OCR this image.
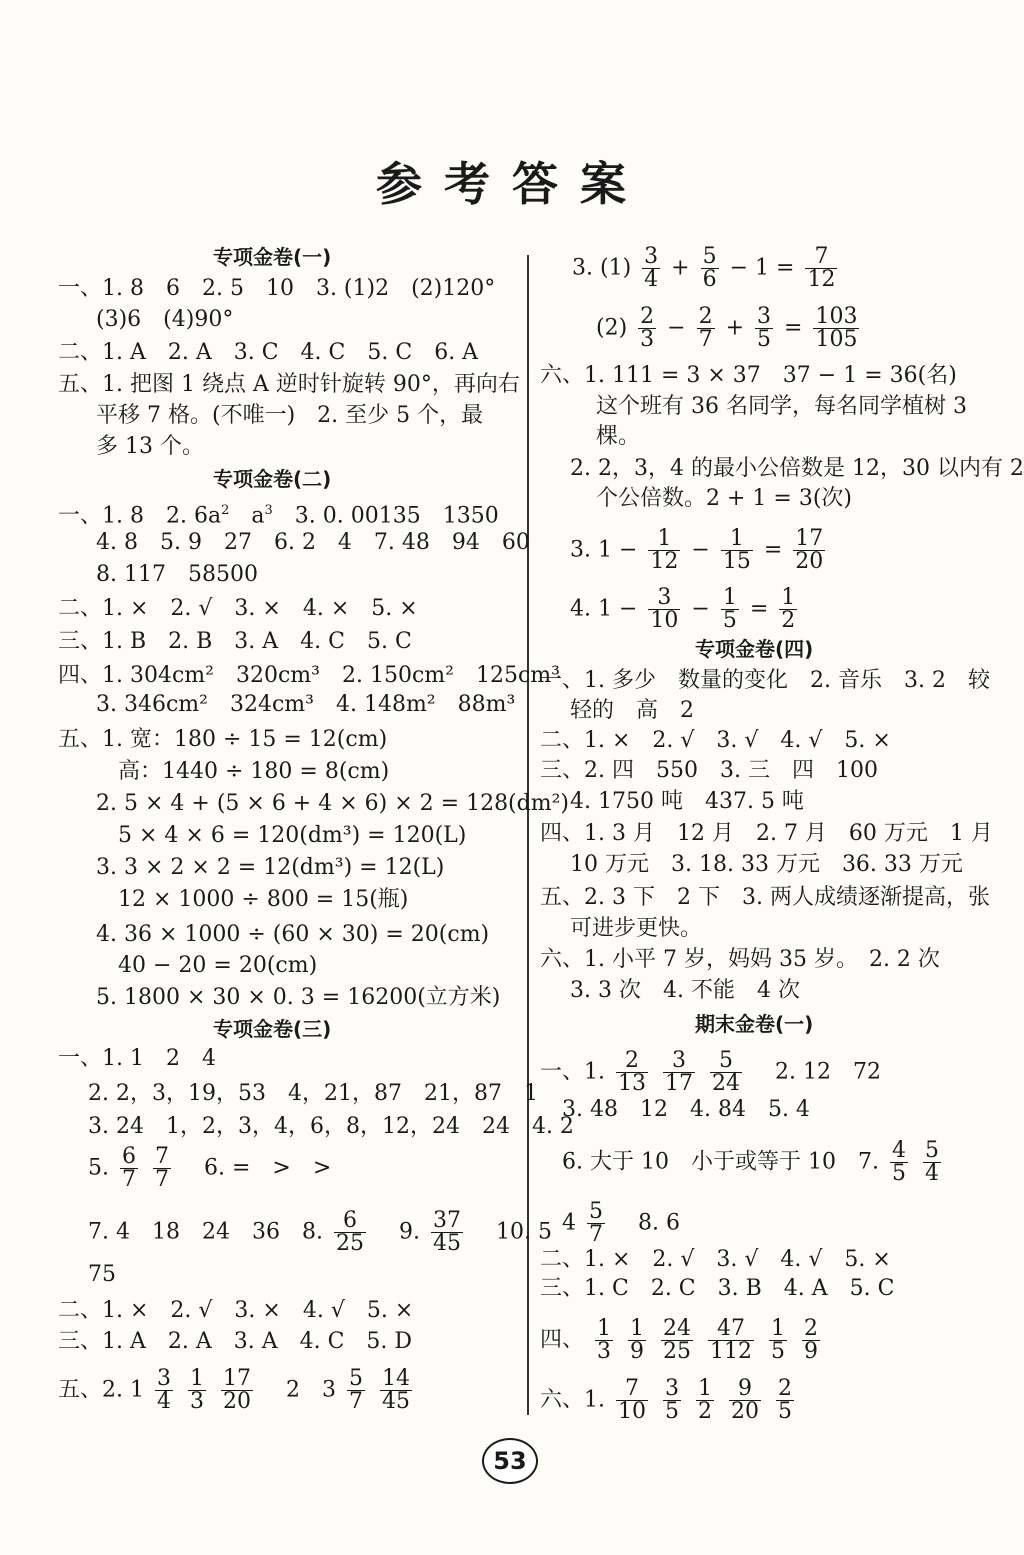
参考答案
专项金卷(一)
一、1. 8　6　2. 5　10　3. (1)2　(2)120°
(3)6　(4)90°
二、1. A　2. A　3. C　4. C　5. C　6. A
五、1. 把图 1 绕点 A 逆时针旋转 90°，再向右
平移 7 格。(不唯一)　2. 至少 5 个，最
多 13 个。
专项金卷(二)
一、1. 8　2. $6a^2$　$a^3$　3. 0. 00135　1350
4. 8　5. 9　27　6. 2　4　7. 48　94　60
8. 117　58500
二、1. ×　2. √　3. ×　4. ×　5. ×
三、1. B　2. B　3. A　4. C　5. C
四、1. 304cm²　320cm³　2. 150cm²　125cm³
3. 346cm²　324cm³　4. 148m²　88m³
五、1. 宽：180 ÷ 15 = 12(cm)
高：1440 ÷ 180 = 8(cm)
2. 5 × 4 + (5 × 6 + 4 × 6) × 2 = 128(dm²)
5 × 4 × 6 = 120(dm³) = 120(L)
3. 3 × 2 × 2 = 12(dm³) = 12(L)
12 × 1000 ÷ 800 = 15(瓶)
4. 36 × 1000 ÷ (60 × 30) = 20(cm)
40 − 20 = 20(cm)
5. 1800 × 30 × 0. 3 = 16200(立方米)
专项金卷(三)
一、1. 1　2　4
2. 2，3，19，53　4，21，87　21，87　1
3. 24　1，2，3，4，6，8，12，24　24　4. 2
5. $\frac{6}{7}$
$\frac{7}{7}$ 　6. =　>　>
7. 4　18　24　36　8. $\frac{6}{25}$ 　9. $\frac{37}{45}$ 　10. 5
75
二、1. ×　2. √　3. ×　4. √　5. ×
三、1. A　2. A　3. A　4. C　5. D
五、2. $1 \frac{3}{4}$
$\frac{1}{3}$
$\frac{17}{20}$ 　2　$3 \frac{5}{7}$
$\frac{14}{45}$
3. $(1) \frac{3}{4} + \frac{5}{6} - 1 = \frac{7}{12}$
$(2) \frac{2}{3} - \frac{2}{7} + \frac{3}{5} = \frac{103}{105}$
六、1. 111 = 3 × 37　37 − 1 = 36(名)
这个班有 36 名同学，每名同学植树 3
棵。
2. 2，3，4 的最小公倍数是 12，30 以内有 2
个公倍数。2 + 1 = 3(次)
3. $1 - \frac{1}{12} - \frac{1}{15} = \frac{17}{20}$
4. $1 - \frac{3}{10} - \frac{1}{5} = \frac{1}{2}$
专项金卷(四)
一、1. 多少　数量的变化　2. 音乐　3. 2　较
轻的　高　2
二、1. ×　2. √　3. √　4. √　5. ×
三、2. 四　550　3. 三　四　100
4. 1750 吨　437. 5 吨
四、1. 3 月　12 月　2. 7 月　60 万元　1 月
10 万元　3. 18. 33 万元　36. 33 万元
五、2. 3 下　2 下　3. 两人成绩逐渐提高，张
可进步更快。
六、1. 小平 7 岁，妈妈 35 岁。　2. 2 次
3. 3 次　4. 不能　4 次
期末金卷(一)
一、1. $\frac{2}{13}$
$\frac{3}{17}$
$\frac{5}{24}$ 　2. 12　72
3. 48　12　4. 84　5. 4
6. 大于 10　小于或等于 10　7. $\frac{4}{5}$
$\frac{5}{4}$
$4 \frac{5}{7}$ 　8. 6
二、1. ×　2. √　3. √　4. √　5. ×
三、1. C　2. C　3. B　4. A　5. C
四、 $\frac{1}{3}$
$\frac{1}{9}$
$\frac{24}{25}$
$\frac{47}{112}$
$\frac{1}{5}$
$\frac{2}{9}$
六、1. $\frac{7}{10}$
$\frac{3}{5}$
$\frac{1}{2}$
$\frac{9}{20}$
$\frac{2}{5}$
53
